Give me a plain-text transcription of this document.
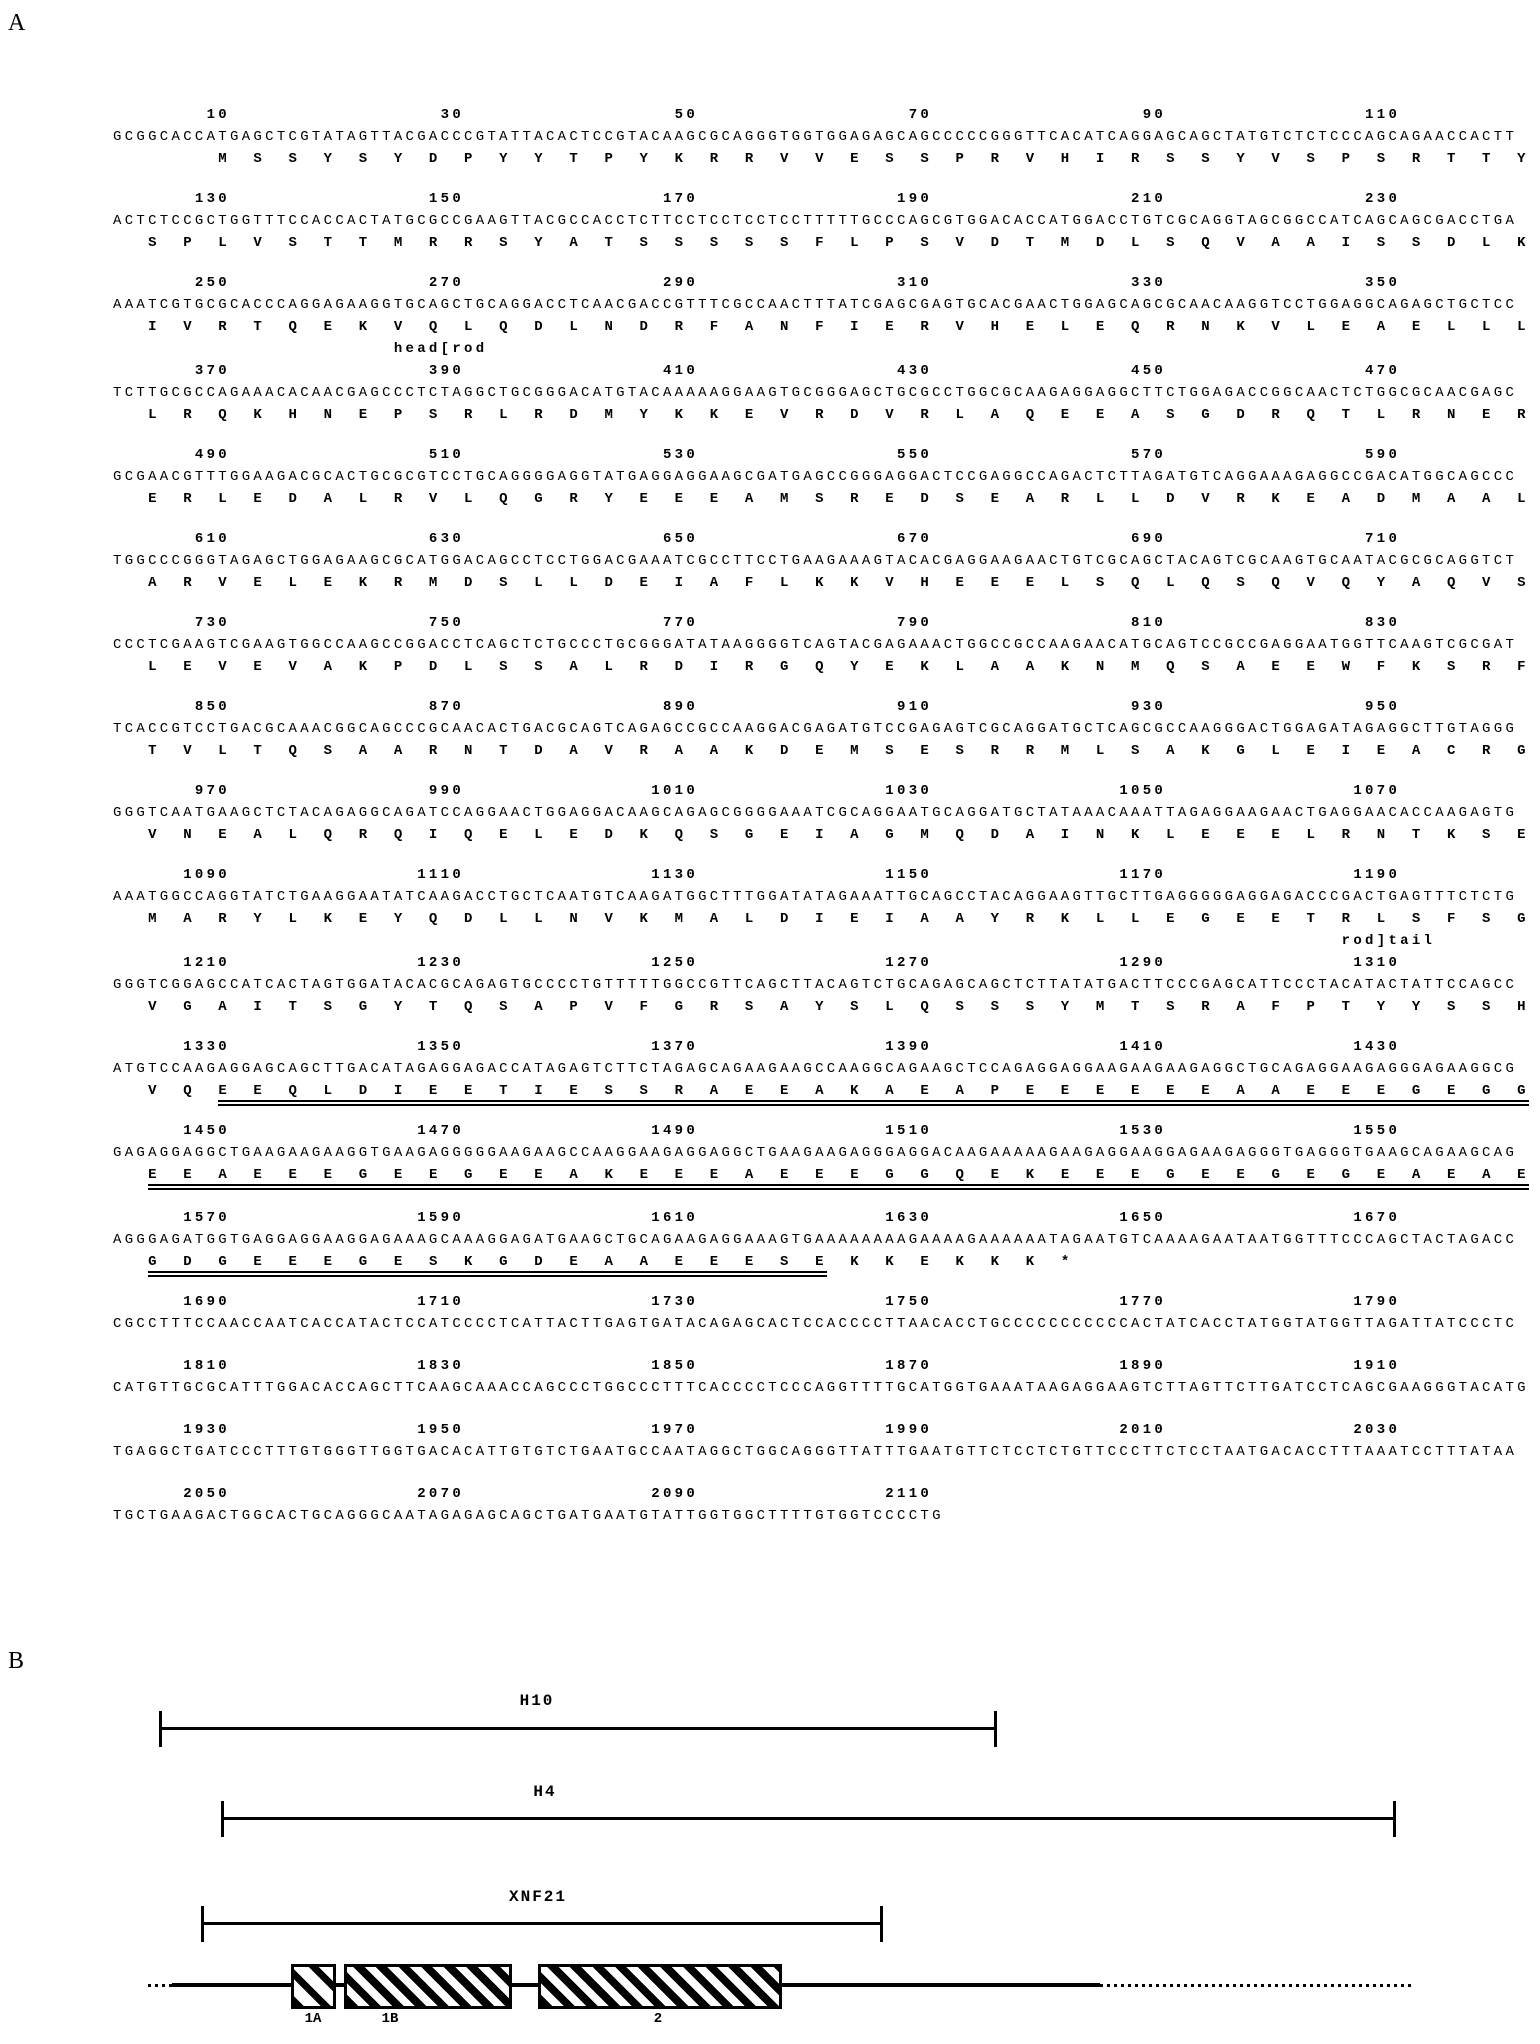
A
10                  30                  50                  70                  90                 110
GCGGCACCATGAGCTCGTATAGTTACGACCCGTATTACACTCCGTACAAGCGCAGGGTGGTGGAGAGCAGCCCCCGGGTTCACATCAGGAGCAGCTATGTCTCTCCCAGCAGAACCACTT
M  S  S  Y  S  Y  D  P  Y  Y  T  P  Y  K  R  R  V  V  E  S  S  P  R  V  H  I  R  S  S  Y  V  S  P  S  R  T  T  Y
130                 150                 170                 190                 210                 230
ACTCTCCGCTGGTTTCCACCACTATGCGCCGAAGTTACGCCACCTCTTCCTCCTCCTCCTTTTTGCCCAGCGTGGACACCATGGACCTGTCGCAGGTAGCGGCCATCAGCAGCGACCTGA
S  P  L  V  S  T  T  M  R  R  S  Y  A  T  S  S  S  S  S  F  L  P  S  V  D  T  M  D  L  S  Q  V  A  A  I  S  S  D  L  K
250                 270                 290                 310                 330                 350
AAATCGTGCGCACCCAGGAGAAGGTGCAGCTGCAGGACCTCAACGACCGTTTCGCCAACTTTATCGAGCGAGTGCACGAACTGGAGCAGCGCAACAAGGTCCTGGAGGCAGAGCTGCTCC
I  V  R  T  Q  E  K  V  Q  L  Q  D  L  N  D  R  F  A  N  F  I  E  R  V  H  E  L  E  Q  R  N  K  V  L  E  A  E  L  L  L
head[rod
370                 390                 410                 430                 450                 470
TCTTGCGCCAGAAACACAACGAGCCCTCTAGGCTGCGGGACATGTACAAAAAGGAAGTGCGGGAGCTGCGCCTGGCGCAAGAGGAGGCTTCTGGAGACCGGCAACTCTGGCGCAACGAGC
L  R  Q  K  H  N  E  P  S  R  L  R  D  M  Y  K  K  E  V  R  D  V  R  L  A  Q  E  E  A  S  G  D  R  Q  T  L  R  N  E  R
490                 510                 530                 550                 570                 590
GCGAACGTTTGGAAGACGCACTGCGCGTCCTGCAGGGGAGGTATGAGGAGGAAGCGATGAGCCGGGAGGACTCCGAGGCCAGACTCTTAGATGTCAGGAAAGAGGCCGACATGGCAGCCC
E  R  L  E  D  A  L  R  V  L  Q  G  R  Y  E  E  E  A  M  S  R  E  D  S  E  A  R  L  L  D  V  R  K  E  A  D  M  A  A  L
610                 630                 650                 670                 690                 710
TGGCCCGGGTAGAGCTGGAGAAGCGCATGGACAGCCTCCTGGACGAAATCGCCTTCCTGAAGAAAGTACACGAGGAAGAACTGTCGCAGCTACAGTCGCAAGTGCAATACGCGCAGGTCT
A  R  V  E  L  E  K  R  M  D  S  L  L  D  E  I  A  F  L  K  K  V  H  E  E  E  L  S  Q  L  Q  S  Q  V  Q  Y  A  Q  V  S
730                 750                 770                 790                 810                 830
CCCTCGAAGTCGAAGTGGCCAAGCCGGACCTCAGCTCTGCCCTGCGGGATATAAGGGGTCAGTACGAGAAACTGGCCGCCAAGAACATGCAGTCCGCCGAGGAATGGTTCAAGTCGCGAT
L  E  V  E  V  A  K  P  D  L  S  S  A  L  R  D  I  R  G  Q  Y  E  K  L  A  A  K  N  M  Q  S  A  E  E  W  F  K  S  R  F
850                 870                 890                 910                 930                 950
TCACCGTCCTGACGCAAACGGCAGCCCGCAACACTGACGCAGTCAGAGCCGCCAAGGACGAGATGTCCGAGAGTCGCAGGATGCTCAGCGCCAAGGGACTGGAGATAGAGGCTTGTAGGG
T  V  L  T  Q  S  A  A  R  N  T  D  A  V  R  A  A  K  D  E  M  S  E  S  R  R  M  L  S  A  K  G  L  E  I  E  A  C  R  G
970                 990                1010                1030                1050                1070
GGGTCAATGAAGCTCTACAGAGGCAGATCCAGGAACTGGAGGACAAGCAGAGCGGGGAAATCGCAGGAATGCAGGATGCTATAAACAAATTAGAGGAAGAACTGAGGAACACCAAGAGTG
V  N  E  A  L  Q  R  Q  I  Q  E  L  E  D  K  Q  S  G  E  I  A  G  M  Q  D  A  I  N  K  L  E  E  E  L  R  N  T  K  S  E
1090                1110                1130                1150                1170                1190
AAATGGCCAGGTATCTGAAGGAATATCAAGACCTGCTCAATGTCAAGATGGCTTTGGATATAGAAATTGCAGCCTACAGGAAGTTGCTTGAGGGGGAGGAGACCCGACTGAGTTTCTCTG
M  A  R  Y  L  K  E  Y  Q  D  L  L  N  V  K  M  A  L  D  I  E  I  A  A  Y  R  K  L  L  E  G  E  E  T  R  L  S  F  S  G
rod]tail
1210                1230                1250                1270                1290                1310
GGGTCGGAGCCATCACTAGTGGATACACGCAGAGTGCCCCTGTTTTTGGCCGTTCAGCTTACAGTCTGCAGAGCAGCTCTTATATGACTTCCCGAGCATTCCCTACATACTATTCCAGCC
V  G  A  I  T  S  G  Y  T  Q  S  A  P  V  F  G  R  S  A  Y  S  L  Q  S  S  S  Y  M  T  S  R  A  F  P  T  Y  Y  S  S  H
1330                1350                1370                1390                1410                1430
ATGTCCAAGAGGAGCAGCTTGACATAGAGGAGACCATAGAGTCTTCTAGAGCAGAAGAAGCCAAGGCAGAAGCTCCAGAGGAGGAAGAAGAAGAGGCTGCAGAGGAAGAGGGAGAAGGCG
V  Q  E  E  Q  L  D  I  E  E  T  I  E  S  S  R  A  E  E  A  K  A  E  A  P  E  E  E  E  E  E  A  A  E  E  E  G  E  G  G
1450                1470                1490                1510                1530                1550
GAGAGGAGGCTGAAGAAGAAGGTGAAGAGGGGGAAGAAGCCAAGGAAGAGGAGGCTGAAGAAGAGGGAGGACAAGAAAAAGAAGAGGAAGGAGAAGAGGGTGAGGGTGAAGCAGAAGCAG
E  E  A  E  E  E  G  E  E  G  E  E  A  K  E  E  E  A  E  E  E  G  G  Q  E  K  E  E  E  G  E  E  G  E  G  E  A  E  A  E
1570                1590                1610                1630                1650                1670
AGGGAGATGGTGAGGAGGAAGGAGAAAGCAAAGGAGATGAAGCTGCAGAAGAGGAAAGTGAAAAAAAAGAAAAGAAAAAATAGAATGTCAAAAGAATAATGGTTTCCCAGCTACTAGACC
G  D  G  E  E  E  G  E  S  K  G  D  E  A  A  E  E  E  S  E  K  K  E  K  K  K  *
1690                1710                1730                1750                1770                1790
CGCCTTTCCAACCAATCACCATACTCCATCCCCTCATTACTTGAGTGATACAGAGCACTCCACCCCTTAACACCTGCCCCCCCCCCCACTATCACCTATGGTATGGTTAGATTATCCCTC
1810                1830                1850                1870                1890                1910
CATGTTGCGCATTTGGACACCAGCTTCAAGCAAACCAGCCCTGGCCCTTTCACCCCTCCCAGGTTTTGCATGGTGAAATAAGAGGAAGTCTTAGTTCTTGATCCTCAGCGAAGGGTACATG
1930                1950                1970                1990                2010                2030
TGAGGCTGATCCCTTTGTGGGTTGGTGACACATTGTGTCTGAATGCCAATAGGCTGGCAGGGTTATTTGAATGTTCTCCTCTGTTCCCTTCTCCTAATGACACCTTTAAATCCTTTATAA
2050                2070                2090                2110
TGCTGAAGACTGGCACTGCAGGGCAATAGAGAGCAGCTGATGAATGTATTGGTGGCTTTTGTGGTCCCCTG
B
H10
H4
XNF21
1A	1B	2
